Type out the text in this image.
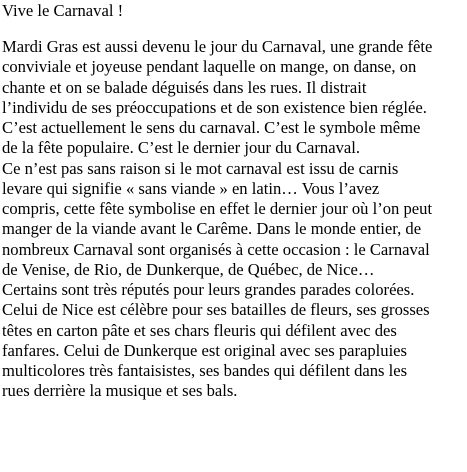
Vive le Carnaval !
Mardi Gras est aussi devenu le jour du Carnaval, une grande fête
conviviale et joyeuse pendant laquelle on mange, on danse, on
chante et on se balade déguisés dans les rues. Il distrait
l’individu de ses préoccupations et de son existence bien réglée.
C’est actuellement le sens du carnaval. C’est le symbole même
de la fête populaire. C’est le dernier jour du Carnaval.
Ce n’est pas sans raison si le mot carnaval est issu de carnis
levare qui signifie « sans viande » en latin… Vous l’avez
compris, cette fête symbolise en effet le dernier jour où l’on peut
manger de la viande avant le Carême. Dans le monde entier, de
nombreux Carnaval sont organisés à cette occasion : le Carnaval
de Venise, de Rio, de Dunkerque, de Québec, de Nice…
Certains sont très réputés pour leurs grandes parades colorées.
Celui de Nice est célèbre pour ses batailles de fleurs, ses grosses
têtes en carton pâte et ses chars fleuris qui défilent avec des
fanfares. Celui de Dunkerque est original avec ses parapluies
multicolores très fantaisistes, ses bandes qui défilent dans les
rues derrière la musique et ses bals.
